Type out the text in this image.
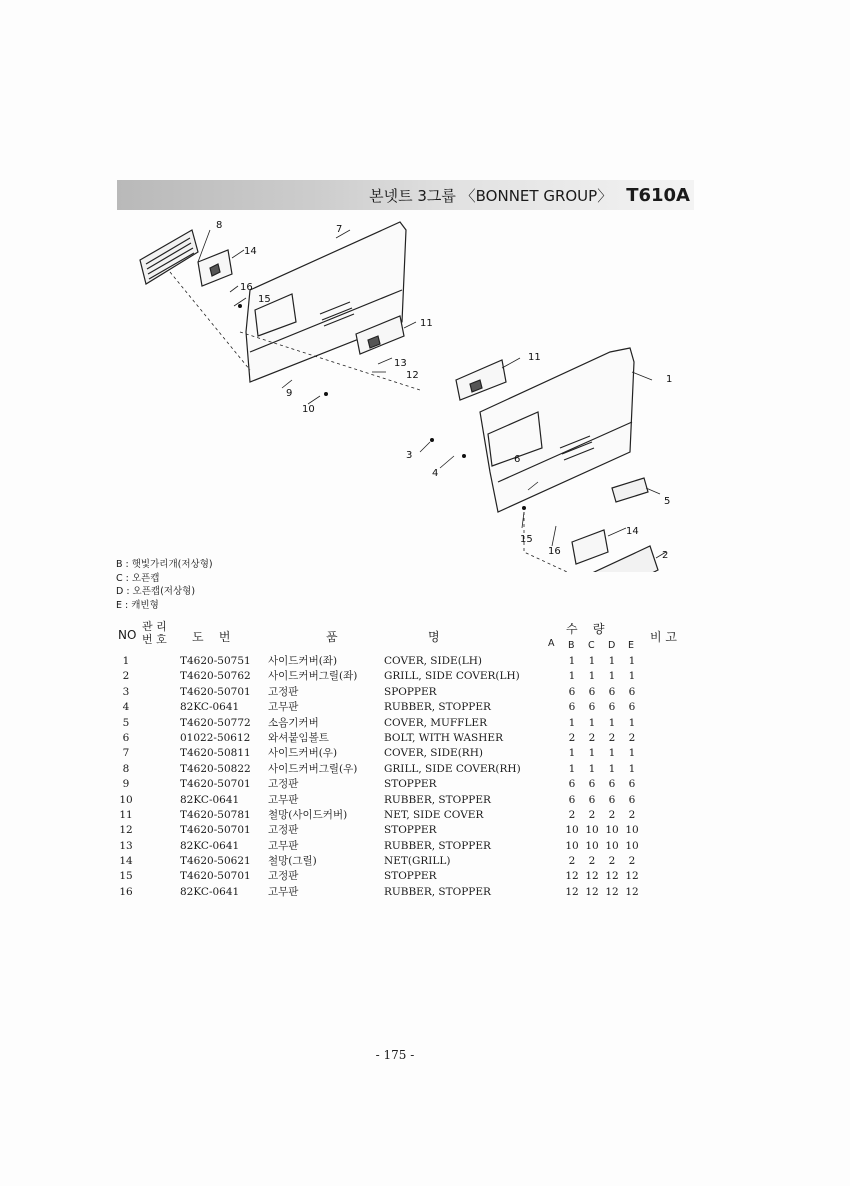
본넷트 3그룹 〈BONNET GROUP〉 T610A
1
2
3
4
5
6
7
8
9
10
11
11
12
13
14
14
15
15
16
16
B : 햇빛가리개(저상형)
C : 오픈캡
D : 오픈캡(저상형)
E : 캐빈형
NO
관 리
번 호 도    번	품	명
수    량
A B C D E
비 고
1	T4620-50751 사이드커버(좌)	COVER, SIDE(LH)	1	1	1	1
2	T4620-50762 사이드커버그릴(좌)	GRILL, SIDE COVER(LH)	1	1	1	1
3	T4620-50701 고정판	SPOPPER	6	6	6	6
4	82KC-0641	고무판	RUBBER, STOPPER	6	6	6	6
5	T4620-50772 소음기커버	COVER, MUFFLER	1	1	1	1
6	01022-50612 와셔붙임볼트	BOLT, WITH WASHER	2	2	2	2
7	T4620-50811 사이드커버(우)	COVER, SIDE(RH)	1	1	1	1
8	T4620-50822 사이드커버그릴(우)	GRILL, SIDE COVER(RH)	1	1	1	1
9	T4620-50701 고정판	STOPPER	6	6	6	6
10	82KC-0641	고무판	RUBBER, STOPPER	6	6	6	6
11	T4620-50781 철망(사이드커버)	NET, SIDE COVER	2	2	2	2
12	T4620-50701 고정판	STOPPER	10 10 10 10
13	82KC-0641	고무판	RUBBER, STOPPER	10 10 10 10
14	T4620-50621 철망(그릴)	NET(GRILL)	2	2	2	2
15	T4620-50701 고정판	STOPPER	12 12 12 12
16	82KC-0641	고무판	RUBBER, STOPPER	12 12 12 12
- 175 -
